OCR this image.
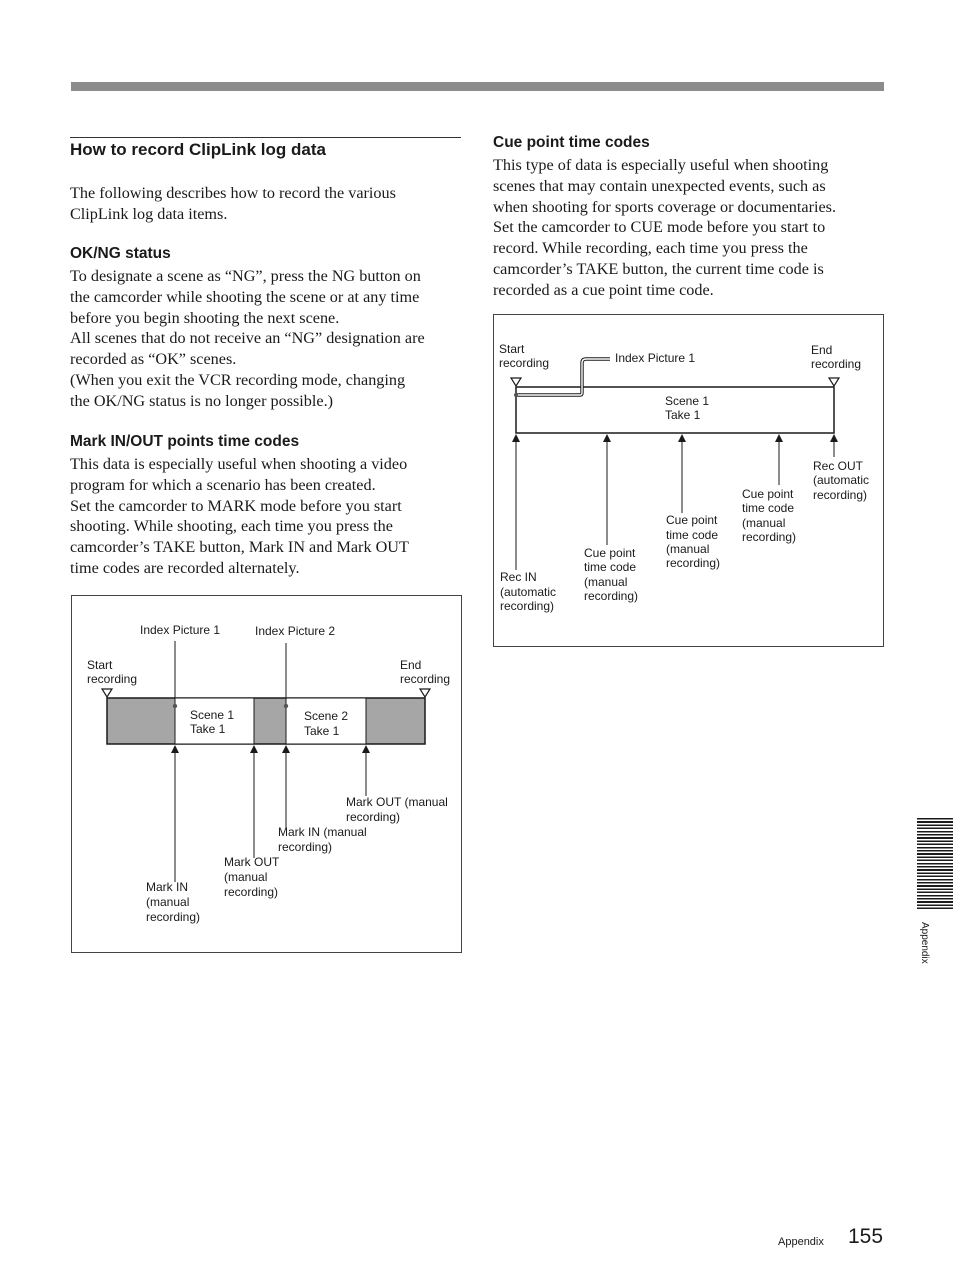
How to record ClipLink log data
The following describes how to record the various
ClipLink log data items.
OK/NG status
To designate a scene as “NG”, press the NG button on
the camcorder while shooting the scene or at any time
before you begin shooting the next scene.
All scenes that do not receive an “NG” designation are
recorded as “OK” scenes.
(When you exit the VCR recording mode, changing
the OK/NG status is no longer possible.)
Mark IN/OUT points time codes
This data is especially useful when shooting a video
program for which a scenario has been created.
Set the camcorder to MARK mode before you start
shooting. While shooting, each time you press the
camcorder’s TAKE button, Mark IN and Mark OUT
time codes are recorded alternately.
Cue point time codes
This type of data is especially useful when shooting
scenes that may contain unexpected events, such as
when shooting for sports coverage or documentaries.
Set the camcorder to CUE mode before you start to
record. While recording, each time you press the
camcorder’s TAKE button, the current time code is
recorded as a cue point time code.
Index Picture 1	Index Picture 2
Start
recording
End
recording
Scene 1
Take 1
Scene 2
Take 1
Mark OUT (manual
recording)
Mark IN (manual
recording)
Mark OUT
(manual
recording)
Mark IN
(manual
recording)
Start
recording	Index Picture 1
End
recording
Scene 1
Take 1
Rec OUT
(automatic
recording)
Cue point
time code
(manual
recording)
Cue point
time code
(manual
recording)
Cue point
time code
(manual
recording)
Rec IN
(automatic
recording)
Appendix
Appendix 155
